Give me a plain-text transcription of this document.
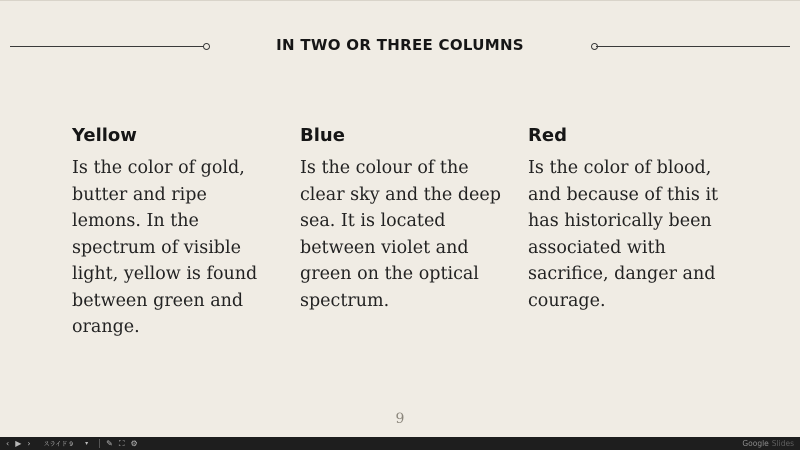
IN TWO OR THREE COLUMNS
Yellow

Is the color of gold, butter and ripe lemons. In the spectrum of visible light, yellow is found between green and orange.

Blue

Is the colour of the clear sky and the deep sea. It is located between violet and green on the optical spectrum.

Red

Is the color of blood, and because of this it has historically been associated with sacrifice, danger and courage.

9
‹ ▶ › スライド 9 ▾ ✎ ⛶ ⚙	Google Slides
